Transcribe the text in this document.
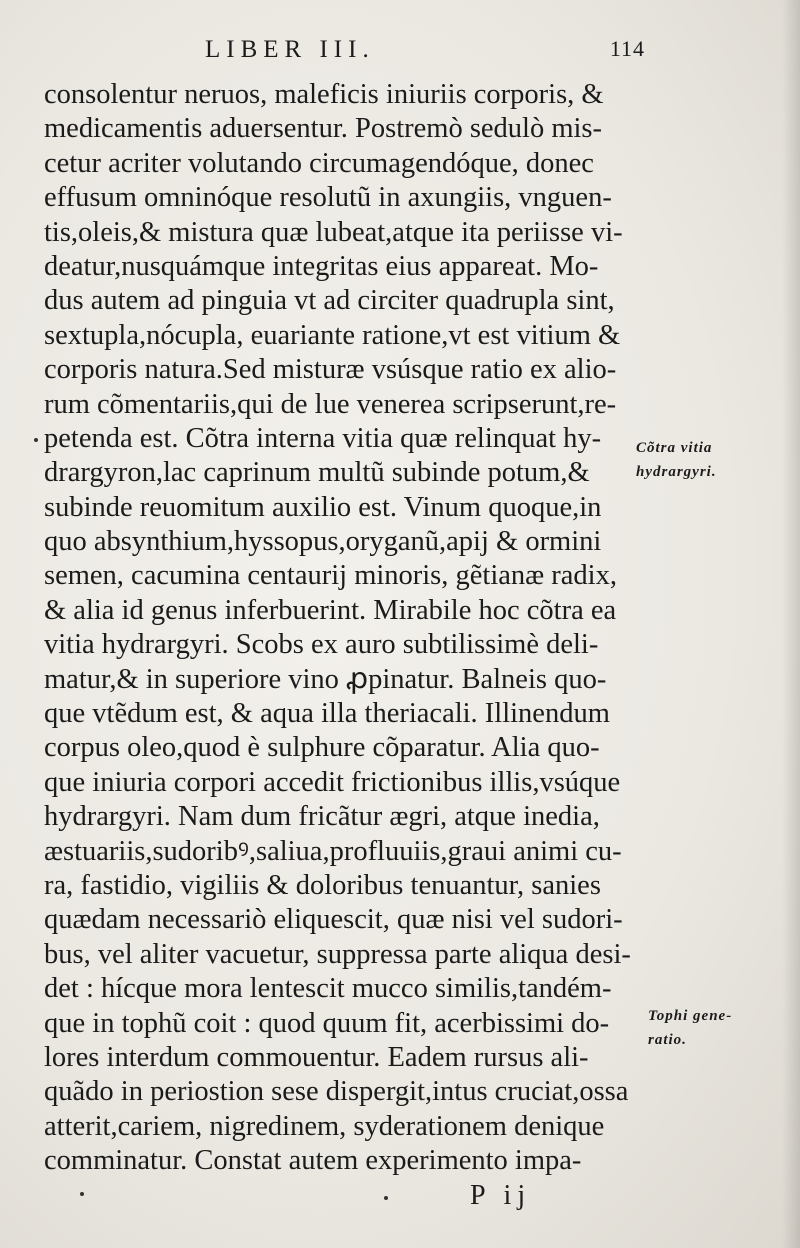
LIBER III.	114
consolentur neruos, maleficis iniuriis corporis, &
medicamentis aduersentur. Postremò sedulò mis-
cetur acriter volutando circumagendóque, donec
effusum omninóque resolutũ in axungiis, vnguen-
tis,oleis,& mistura quæ lubeat,atque ita periisse vi-
deatur,nusquámque integritas eius appareat. Mo-
dus autem ad pinguia vt ad circiter quadrupla sint,
sextupla,nócupla, euariante ratione,vt est vitium &
corporis natura.Sed misturæ vsúsque ratio ex alio-
rum cõmentariis,qui de lue venerea scripserunt,re-
petenda est. Cõtra interna vitia quæ relinquat hy-
drargyron,lac caprinum multũ subinde potum,&
subinde reuomitum auxilio est. Vinum quoque,in
quo absynthium,hyssopus,oryganũ,apij & ormini
semen, cacumina centaurij minoris, gẽtianæ radix,
& alia id genus inferbuerint. Mirabile hoc cõtra ea
vitia hydrargyri. Scobs ex auro subtilissimè deli-
matur,& in superiore vino ꝓpinatur. Balneis quo-
que vtẽdum est, & aqua illa theriacali. Illinendum
corpus oleo,quod è sulphure cõparatur. Alia quo-
que iniuria corpori accedit frictionibus illis,vsúque
hydrargyri. Nam dum fricãtur ægri, atque inedia,
æstuariis,sudoribꝰ,saliua,profluuiis,graui animi cu-
ra, fastidio, vigiliis & doloribus tenuantur, sanies
quædam necessariò eliquescit, quæ nisi vel sudori-
bus, vel aliter vacuetur, suppressa parte aliqua desi-
det : hícque mora lentescit mucco similis,tandém-
que in tophũ coit : quod quum fit, acerbissimi do-
lores interdum commouentur. Eadem rursus ali-
quãdo in periostion sese dispergit,intus cruciat,ossa
atterit,cariem, nigredinem, syderationem denique
comminatur. Constat autem experimento impa-
Cõtra vitia
hydrargyri.
Tophi gene-
ratio.
P ij
